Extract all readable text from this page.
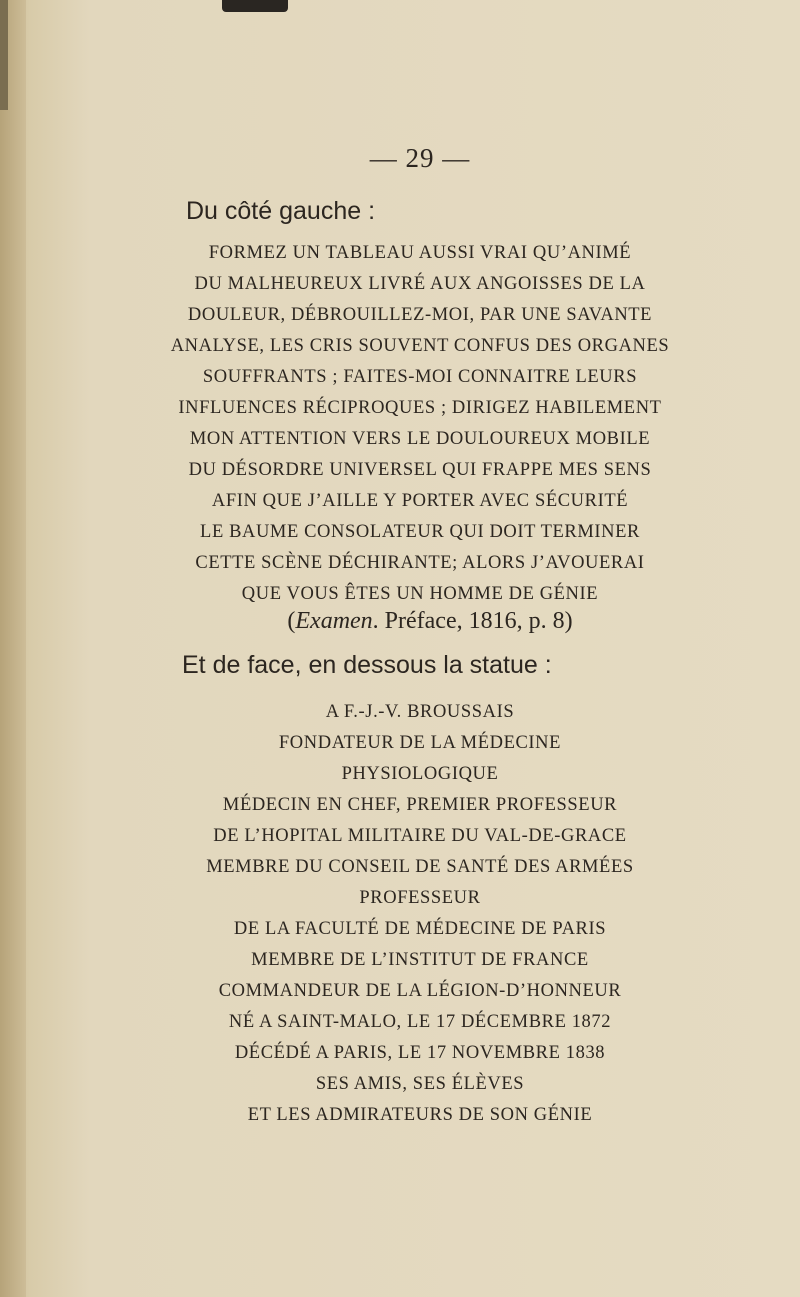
— 29 —
Du côté gauche :
FORMEZ UN TABLEAU AUSSI VRAI QU’ANIMÉ
DU MALHEUREUX LIVRÉ AUX ANGOISSES DE LA
DOULEUR, DÉBROUILLEZ-MOI, PAR UNE SAVANTE
ANALYSE, LES CRIS SOUVENT CONFUS DES ORGANES
SOUFFRANTS ; FAITES-MOI CONNAITRE LEURS
INFLUENCES RÉCIPROQUES ; DIRIGEZ HABILEMENT
MON ATTENTION VERS LE DOULOUREUX MOBILE
DU DÉSORDRE UNIVERSEL QUI FRAPPE MES SENS
AFIN QUE J’AILLE Y PORTER AVEC SÉCURITÉ
LE BAUME CONSOLATEUR QUI DOIT TERMINER
CETTE SCÈNE DÉCHIRANTE; ALORS J’AVOUERAI
QUE VOUS ÊTES UN HOMME DE GÉNIE
(Examen. Préface, 1816, p. 8)
Et de face, en dessous la statue :
A F.-J.-V. BROUSSAIS
FONDATEUR DE LA MÉDECINE
PHYSIOLOGIQUE
MÉDECIN EN CHEF, PREMIER PROFESSEUR
DE L’HOPITAL MILITAIRE DU VAL-DE-GRACE
MEMBRE DU CONSEIL DE SANTÉ DES ARMÉES
PROFESSEUR
DE LA FACULTÉ DE MÉDECINE DE PARIS
MEMBRE DE L’INSTITUT DE FRANCE
COMMANDEUR DE LA LÉGION-D’HONNEUR
NÉ A SAINT-MALO, LE 17 DÉCEMBRE 1872
DÉCÉDÉ A PARIS, LE 17 NOVEMBRE 1838
SES AMIS, SES ÉLÈVES
ET LES ADMIRATEURS DE SON GÉNIE
